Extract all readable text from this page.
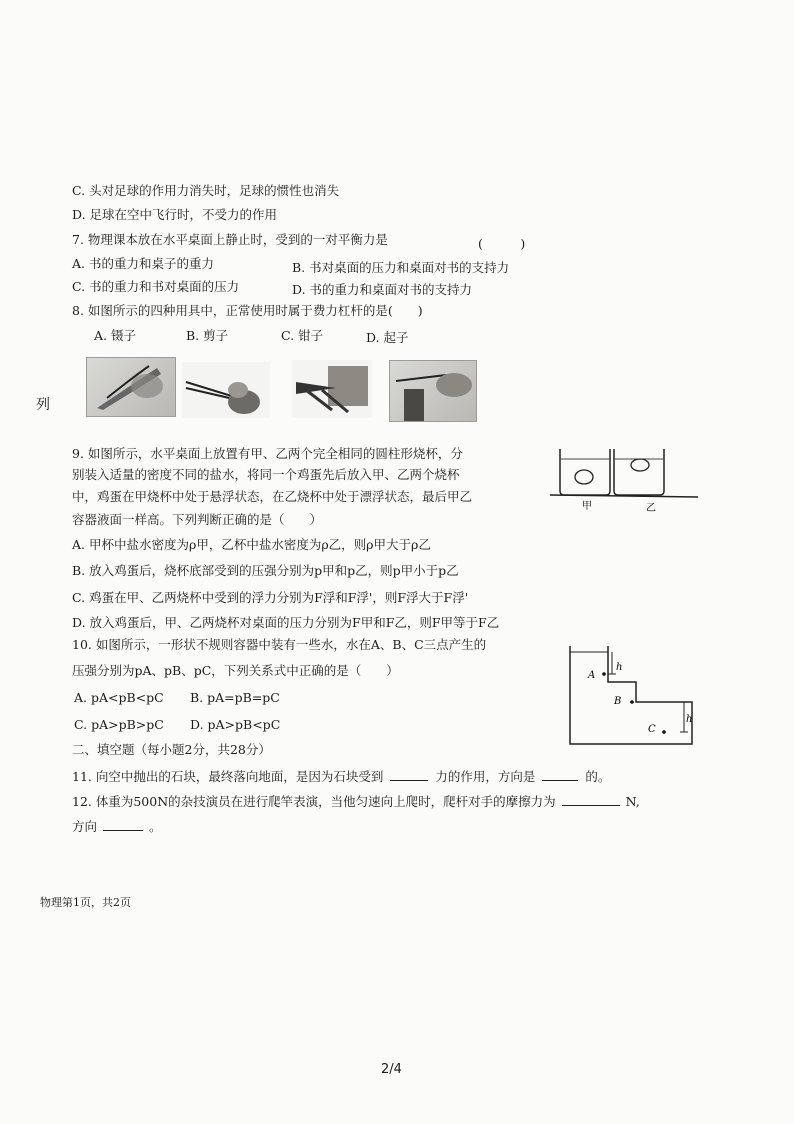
C. 头对足球的作用力消失时，足球的惯性也消失
D. 足球在空中飞行时，不受力的作用
7. 物理课本放在水平桌面上静止时，受到的一对平衡力是	(　　　)
A. 书的重力和桌子的重力	B. 书对桌面的压力和桌面对书的支持力
C. 书的重力和书对桌面的压力	D. 书的重力和桌面对书的支持力
8. 如图所示的四种用具中，正常使用时属于费力杠杆的是(　　)
A. 镊子	B. 剪子	C. 钳子	D. 起子
列
9. 如图所示，水平桌面上放置有甲、乙两个完全相同的圆柱形烧杯，分
别装入适量的密度不同的盐水，将同一个鸡蛋先后放入甲、乙两个烧杯
中，鸡蛋在甲烧杯中处于悬浮状态，在乙烧杯中处于漂浮状态，最后甲乙
容器液面一样高。下列判断正确的是（　　）
A. 甲杯中盐水密度为ρ甲，乙杯中盐水密度为ρ乙，则ρ甲大于ρ乙
B. 放入鸡蛋后，烧杯底部受到的压强分别为p甲和p乙，则p甲小于p乙
C. 鸡蛋在甲、乙两烧杯中受到的浮力分别为F浮和F浮'，则F浮大于F浮'
D. 放入鸡蛋后，甲、乙两烧杯对桌面的压力分别为F甲和F乙，则F甲等于F乙
甲	乙
10. 如图所示，一形状不规则容器中装有一些水，水在A、B、C三点产生的
压强分别为pA、pB、pC，下列关系式中正确的是（　　）
A. pA<pB<pC B. pA=pB=pC
C. pA>pB>pC D. pA>pB<pC
h
A
B
h
C
二、填空题（每小题2分，共28分）
11. 向空中抛出的石块，最终落向地面，是因为石块受到	力的作用，方向是	的。
12. 体重为500N的杂技演员在进行爬竿表演，当他匀速向上爬时，爬杆对手的摩擦力为	N,
方向	。
物理第1页，共2页
2/4
